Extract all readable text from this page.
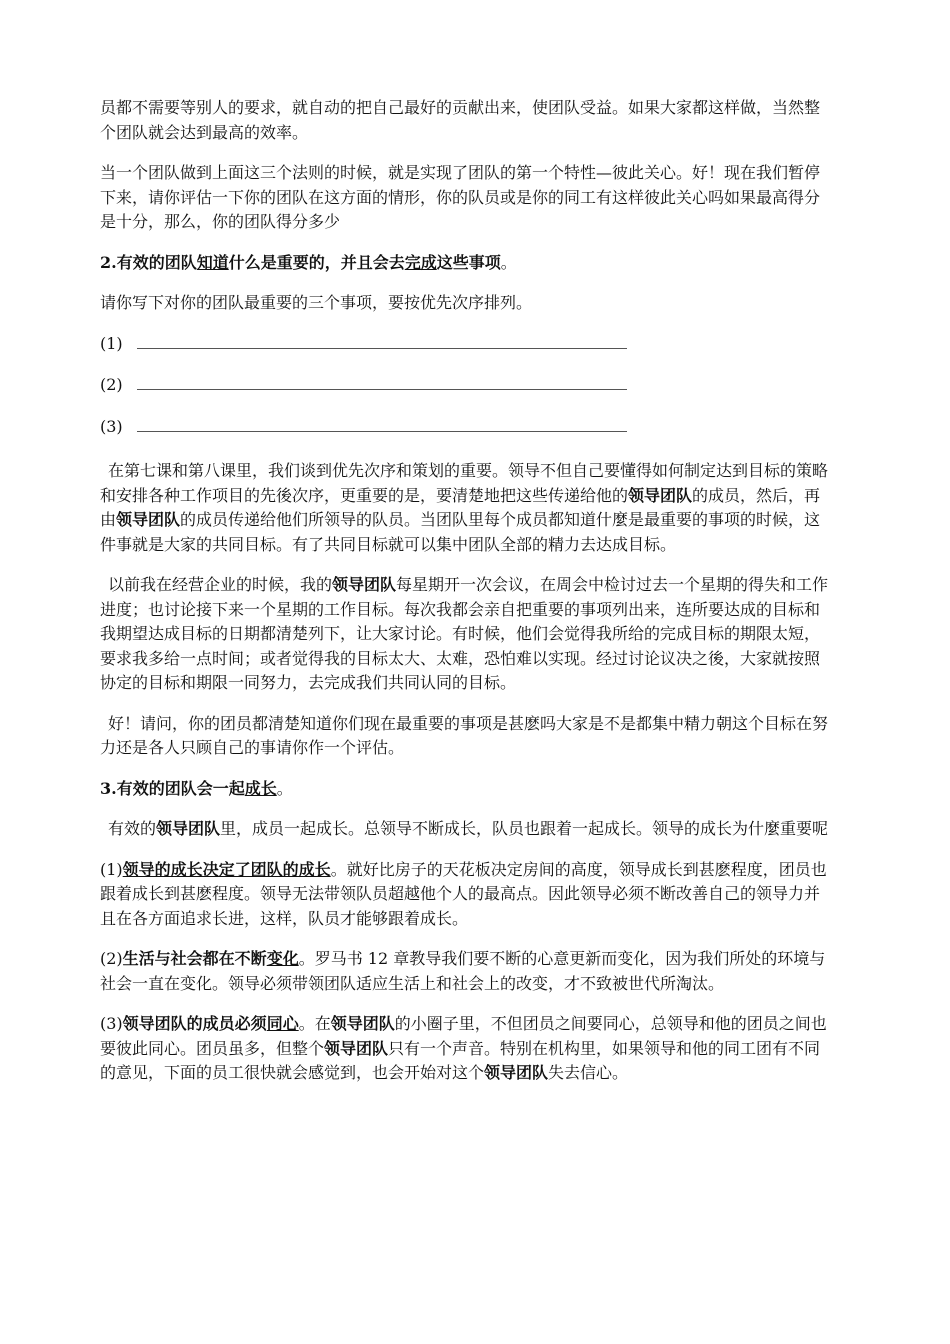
员都不需要等别人的要求，就自动的把自己最好的贡献出来，使团队受益。如果大家都这样做，当然整个团队就会达到最高的效率。

当一个团队做到上面这三个法则的时候，就是实现了团队的第一个特性—彼此关心。好！现在我们暂停下来，请你评估一下你的团队在这方面的情形，你的队员或是你的同工有这样彼此关心吗如果最高得分是十分，那么，你的团队得分多少

2.有效的团队知道什么是重要的，并且会去完成这些事项。

请你写下对你的团队最重要的三个事项，要按优先次序排列。

(1)
(2)
(3)

在第七课和第八课里，我们谈到优先次序和策划的重要。领导不但自己要懂得如何制定达到目标的策略和安排各种工作项目的先後次序，更重要的是，要清楚地把这些传递给他的领导团队的成员，然后，再由领导团队的成员传递给他们所领导的队员。当团队里每个成员都知道什麼是最重要的事项的时候，这件事就是大家的共同目标。有了共同目标就可以集中团队全部的精力去达成目标。

以前我在经营企业的时候，我的领导团队每星期开一次会议，在周会中检讨过去一个星期的得失和工作进度；也讨论接下来一个星期的工作目标。每次我都会亲自把重要的事项列出来，连所要达成的目标和我期望达成目标的日期都清楚列下，让大家讨论。有时候，他们会觉得我所给的完成目标的期限太短，要求我多给一点时间；或者觉得我的目标太大、太难，恐怕难以实现。经过讨论议决之後，大家就按照协定的目标和期限一同努力，去完成我们共同认同的目标。

好！请问，你的团员都清楚知道你们现在最重要的事项是甚麽吗大家是不是都集中精力朝这个目标在努力还是各人只顾自己的事请你作一个评估。

3.有效的团队会一起成长。

有效的领导团队里，成员一起成长。总领导不断成长，队员也跟着一起成长。领导的成长为什麼重要呢

(1)领导的成长决定了团队的成长。就好比房子的天花板决定房间的高度，领导成长到甚麽程度，团员也跟着成长到甚麽程度。领导无法带领队员超越他个人的最高点。因此领导必须不断改善自己的领导力并且在各方面追求长进，这样，队员才能够跟着成长。

(2)生活与社会都在不断变化。罗马书 12 章教导我们要不断的心意更新而变化，因为我们所处的环境与社会一直在变化。领导必须带领团队适应生活上和社会上的改变，才不致被世代所淘汰。

(3)领导团队的成员必须同心。在领导团队的小圈子里，不但团员之间要同心，总领导和他的团员之间也要彼此同心。团员虽多，但整个领导团队只有一个声音。特别在机构里，如果领导和他的同工团有不同的意见，下面的员工很快就会感觉到，也会开始对这个领导团队失去信心。
